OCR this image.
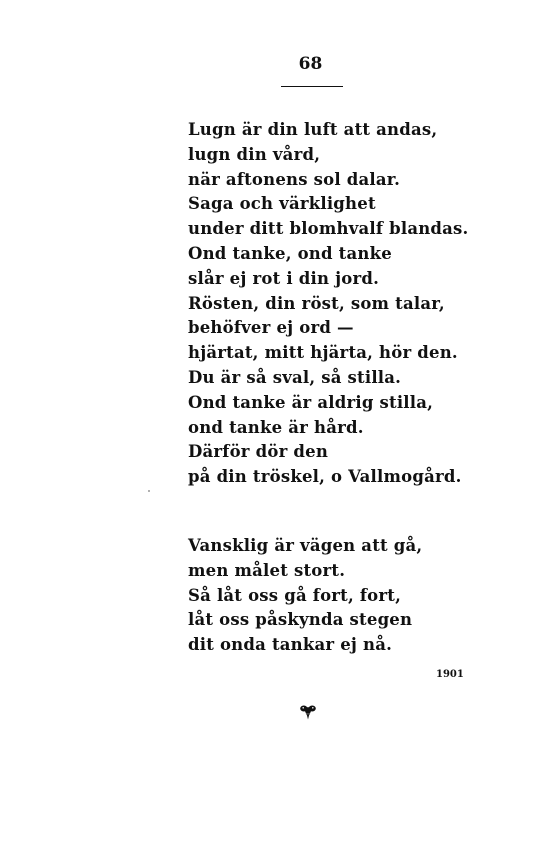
68
Lugn är din luft att andas,
lugn din vård,
när aftonens sol dalar.
Saga och värklighet
under ditt blomhvalf blandas.
Ond tanke, ond tanke
slår ej rot i din jord.
Rösten, din röst, som talar,
behöfver ej ord —
hjärtat, mitt hjärta, hör den.
Du är så sval, så stilla.
Ond tanke är aldrig stilla,
ond tanke är hård.
Därför dör den
på din tröskel, o Vallmogård.
Vansklig är vägen att gå,
men målet stort.
Så låt oss gå fort, fort,
låt oss påskynda stegen
dit onda tankar ej nå.
1901
